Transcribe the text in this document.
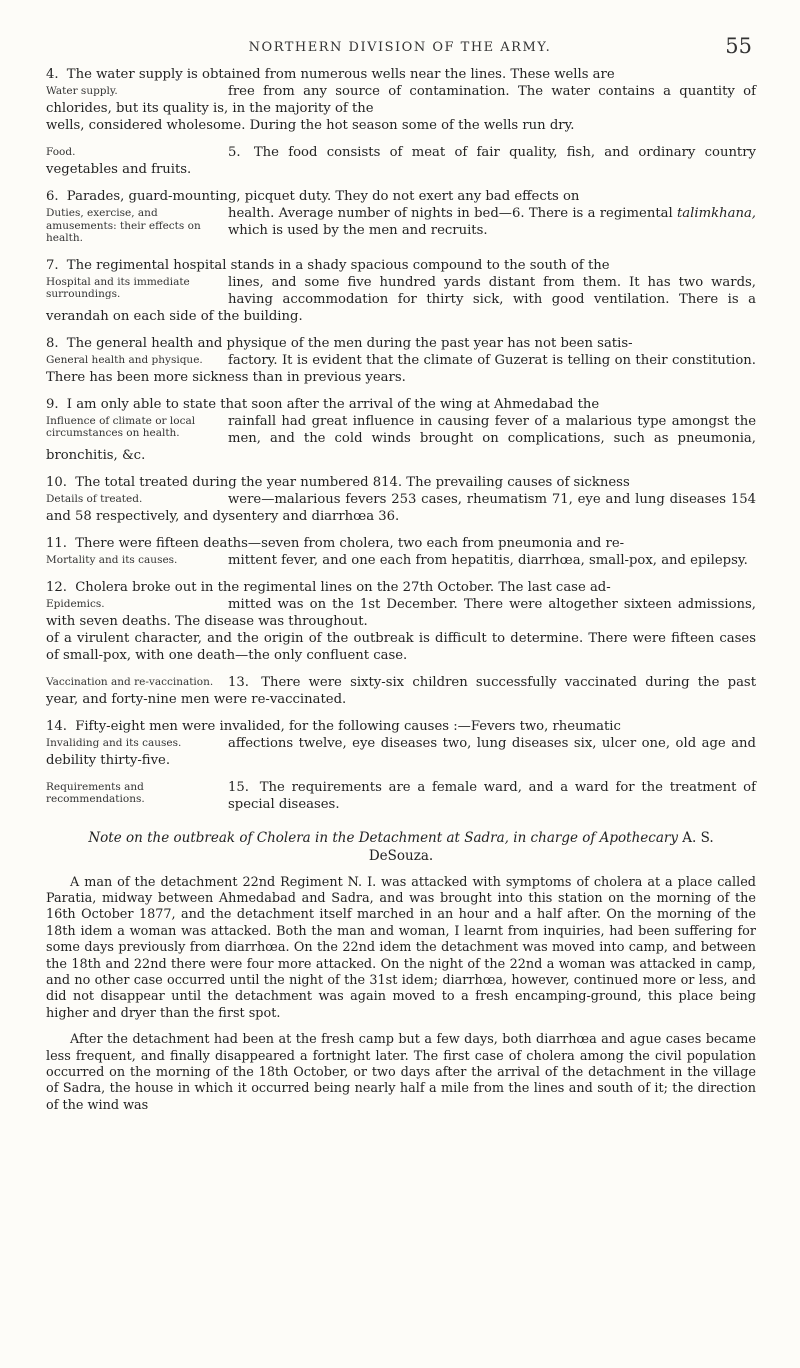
NORTHERN DIVISION OF THE ARMY.	55
4. The water supply is obtained from numerous wells near the lines. These wells are
Water supply.	free from any source of contamination. The water contains a quantity of chlorides, but its quality is, in the majority of the
wells, considered wholesome. During the hot season some of the wells run dry.
Food.	5. The food consists of meat of fair quality, fish, and ordinary country vegetables and fruits.
6. Parades, guard-mounting, picquet duty. They do not exert any bad effects on
Duties, exercise, and amusements: their effects on health.
health. Average number of nights in bed—6. There is a regimental talimkhana, which is used by the men and recruits.
7. The regimental hospital stands in a shady spacious compound to the south of the
Hospital and its immediate surroundings.
lines, and some five hundred yards distant from them. It has two wards, having accommodation for thirty sick, with good ventilation. There is a verandah on each side of the building.
8. The general health and physique of the men during the past year has not been satis-
General health and physique.	factory. It is evident that the climate of Guzerat is telling on their constitution. There has been more sickness than in previous years.
9. I am only able to state that soon after the arrival of the wing at Ahmedabad the
Influence of climate or local circumstances on health.
rainfall had great influence in causing fever of a malarious type amongst the men, and the cold winds brought on complications, such as pneumonia, bronchitis, &c.
10. The total treated during the year numbered 814. The prevailing causes of sickness
Details of treated.	were—malarious fevers 253 cases, rheumatism 71, eye and lung diseases 154 and 58 respectively, and dysentery and diarrhœa 36.
11. There were fifteen deaths—seven from cholera, two each from pneumonia and re-
Mortality and its causes.	mittent fever, and one each from hepatitis, diarrhœa, small-pox, and epilepsy.
12. Cholera broke out in the regimental lines on the 27th October. The last case ad-
Epidemics.	mitted was on the 1st December. There were altogether sixteen admissions, with seven deaths. The disease was throughout.
of a virulent character, and the origin of the outbreak is difficult to determine. There were fifteen cases of small-pox, with one death—the only confluent case.
Vaccination and re-vaccination.	13. There were sixty-six children successfully vaccinated during the past year, and forty-nine men were re-vaccinated.
14. Fifty-eight men were invalided, for the following causes :—Fevers two, rheumatic
Invaliding and its causes.	affections twelve, eye diseases two, lung diseases six, ulcer one, old age and debility thirty-five.
Requirements and recommendations.
15. The requirements are a female ward, and a ward for the treatment of special diseases.
Note on the outbreak of Cholera in the Detachment at Sadra, in charge of Apothecary A. S. DeSouza.

A man of the detachment 22nd Regiment N. I. was attacked with symptoms of cholera at a place called Paratia, midway between Ahmedabad and Sadra, and was brought into this station on the morning of the 16th October 1877, and the detachment itself marched in an hour and a half after. On the morning of the 18th idem a woman was attacked. Both the man and woman, I learnt from inquiries, had been suffering for some days previously from diarrhœa. On the 22nd idem the detachment was moved into camp, and between the 18th and 22nd there were four more attacked. On the night of the 22nd a woman was attacked in camp, and no other case occurred until the night of the 31st idem; diarrhœa, however, continued more or less, and did not disappear until the detachment was again moved to a fresh encamping-ground, this place being higher and dryer than the first spot.

After the detachment had been at the fresh camp but a few days, both diarrhœa and ague cases became less frequent, and finally disappeared a fortnight later. The first case of cholera among the civil population occurred on the morning of the 18th October, or two days after the arrival of the detachment in the village of Sadra, the house in which it occurred being nearly half a mile from the lines and south of it; the direction of the wind was
